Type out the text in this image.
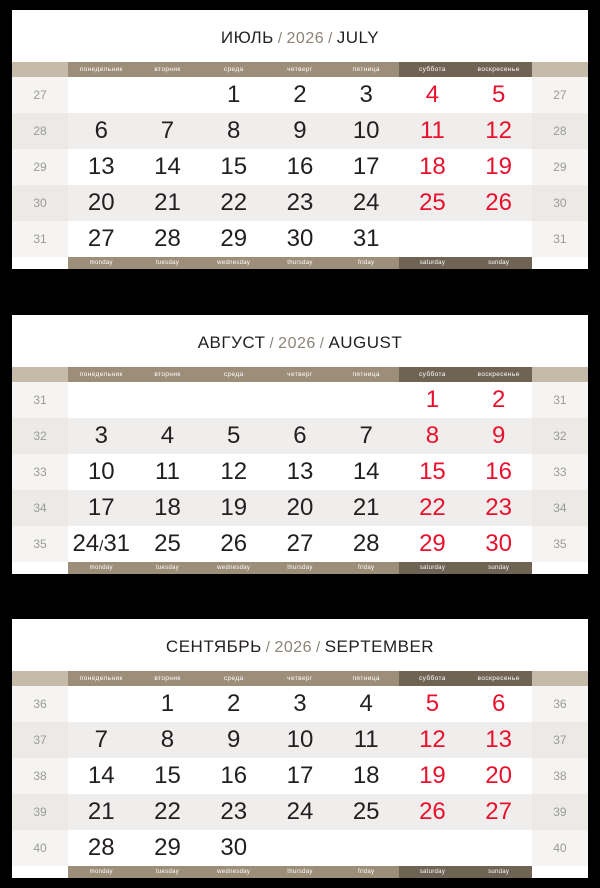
ИЮЛЬ / 2026 / JULY
	понедельник	вторник	среда	четверг	пятница	суббота	воскресенье	
27			1	2	3	4	5	27
28	6	7	8	9	10	11	12	28
29	13	14	15	16	17	18	19	29
30	20	21	22	23	24	25	26	30
31	27	28	29	30	31			31
	monday	tuesday	wednesday	thursday	friday	saturday	sunday	
АВГУСТ / 2026 / AUGUST
	понедельник	вторник	среда	четверг	пятница	суббота	воскресенье	
31						1	2	31
32	3	4	5	6	7	8	9	32
33	10	11	12	13	14	15	16	33
34	17	18	19	20	21	22	23	34
35	24/31	25	26	27	28	29	30	35
	monday	tuesday	wednesday	thursday	friday	saturday	sunday	
СЕНТЯБРЬ / 2026 / SEPTEMBER
	понедельник	вторник	среда	четверг	пятница	суббота	воскресенье	
36		1	2	3	4	5	6	36
37	7	8	9	10	11	12	13	37
38	14	15	16	17	18	19	20	38
39	21	22	23	24	25	26	27	39
40	28	29	30					40
	monday	tuesday	wednesday	thursday	friday	saturday	sunday	
